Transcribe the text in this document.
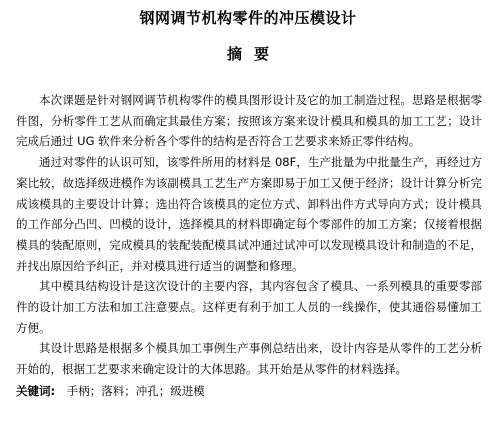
钢网调节机构零件的冲压模设计
摘要

本次课题是针对钢网调节机构零件的模具图形设计及它的加工制造过程。思路是根据零件图，分析零件工艺从而确定其最佳方案；按照该方案来设计模具和模具的加工工艺；设计完成后通过 UG 软件来分析各个零件的结构是否符合工艺要求来矫正零件结构。

通过对零件的认识可知，该零件所用的材料是 08F，生产批量为中批量生产，再经过方案比较，故选择级进模作为该副模具工艺生产方案即易于加工又便于经济；设计计算分析完成该模具的主要设计计算；选出符合该模具的定位方式、卸料出件方式导向方式；设计模具的工作部分凸凹、凹模的设计，选择模具的材料即确定每个零部件的加工方案；仅接着根据模具的装配原则，完成模具的装配装配模具试冲通过试冲可以发现模具设计和制造的不足，并找出原因给予纠正，并对模具进行适当的调整和修理。

其中模具结构设计是这次设计的主要内容，其内容包含了模具、一系列模具的重要零部件的设计加工方法和加工注意要点。这样更有利于加工人员的一线操作，使其通俗易懂加工方便。

其设计思路是根据多个模具加工事例生产事例总结出来，设计内容是从零件的工艺分析开始的，根据工艺要求来确定设计的大体思路。其开始是从零件的材料选择。

关键词: 手柄；落料；冲孔；级进模
